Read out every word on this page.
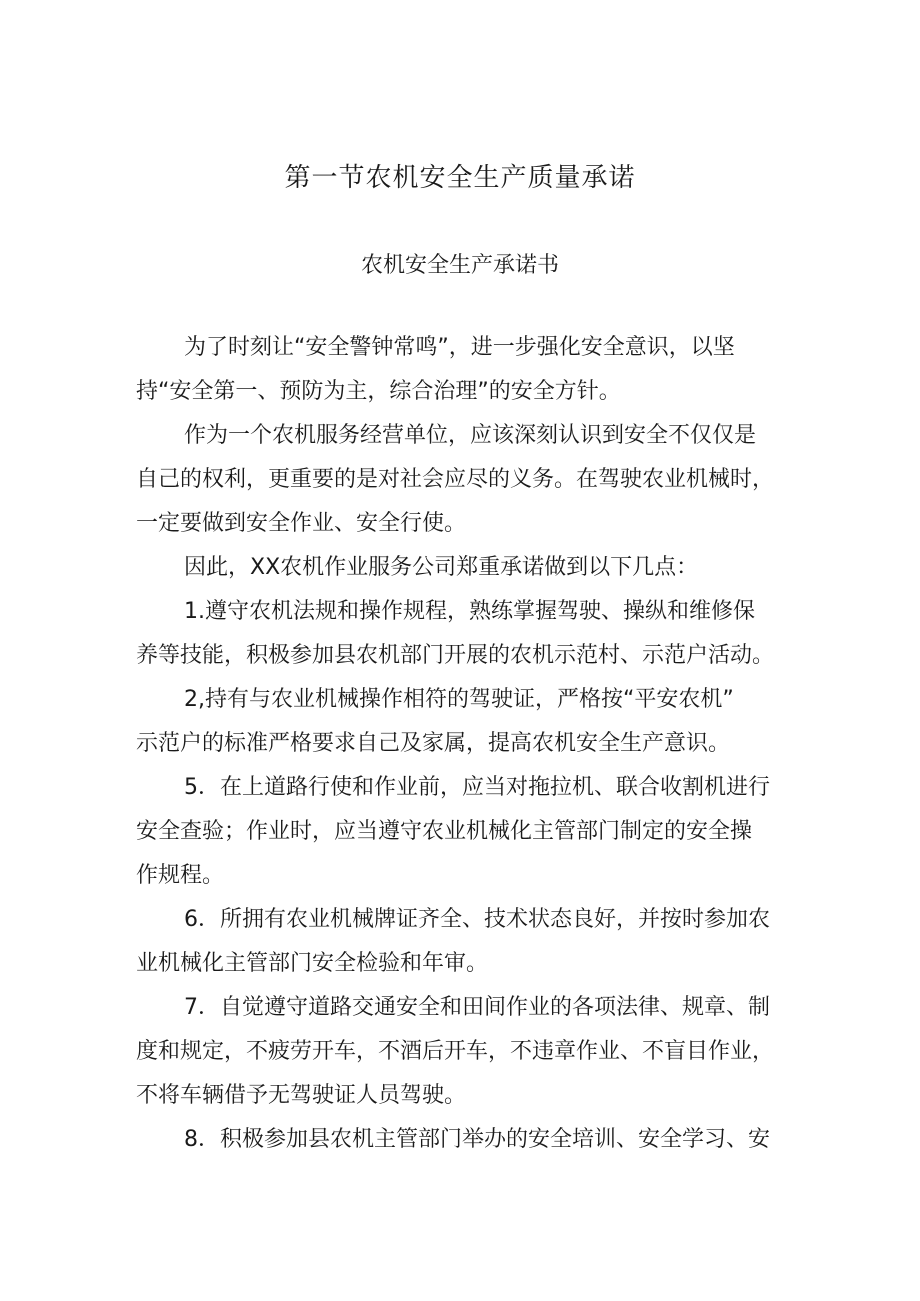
第一节农机安全生产质量承诺
农机安全生产承诺书
为了时刻让“安全警钟常鸣”，进一步强化安全意识，以坚
持“安全第一、预防为主，综合治理”的安全方针。
作为一个农机服务经营单位，应该深刻认识到安全不仅仅是
自己的权利，更重要的是对社会应尽的义务。在驾驶农业机械时，
一定要做到安全作业、安全行使。
因此，XX农机作业服务公司郑重承诺做到以下几点：
1.遵守农机法规和操作规程，熟练掌握驾驶、操纵和维修保
养等技能，积极参加县农机部门开展的农机示范村、示范户活动。
2,持有与农业机械操作相符的驾驶证，严格按“平安农机”
示范户的标准严格要求自己及家属，提高农机安全生产意识。
5．在上道路行使和作业前，应当对拖拉机、联合收割机进行
安全查验；作业时，应当遵守农业机械化主管部门制定的安全操
作规程。
6．所拥有农业机械牌证齐全、技术状态良好，并按时参加农
业机械化主管部门安全检验和年审。
7．自觉遵守道路交通安全和田间作业的各项法律、规章、制
度和规定，不疲劳开车，不酒后开车，不违章作业、不盲目作业，
不将车辆借予无驾驶证人员驾驶。
8．积极参加县农机主管部门举办的安全培训、安全学习、安
